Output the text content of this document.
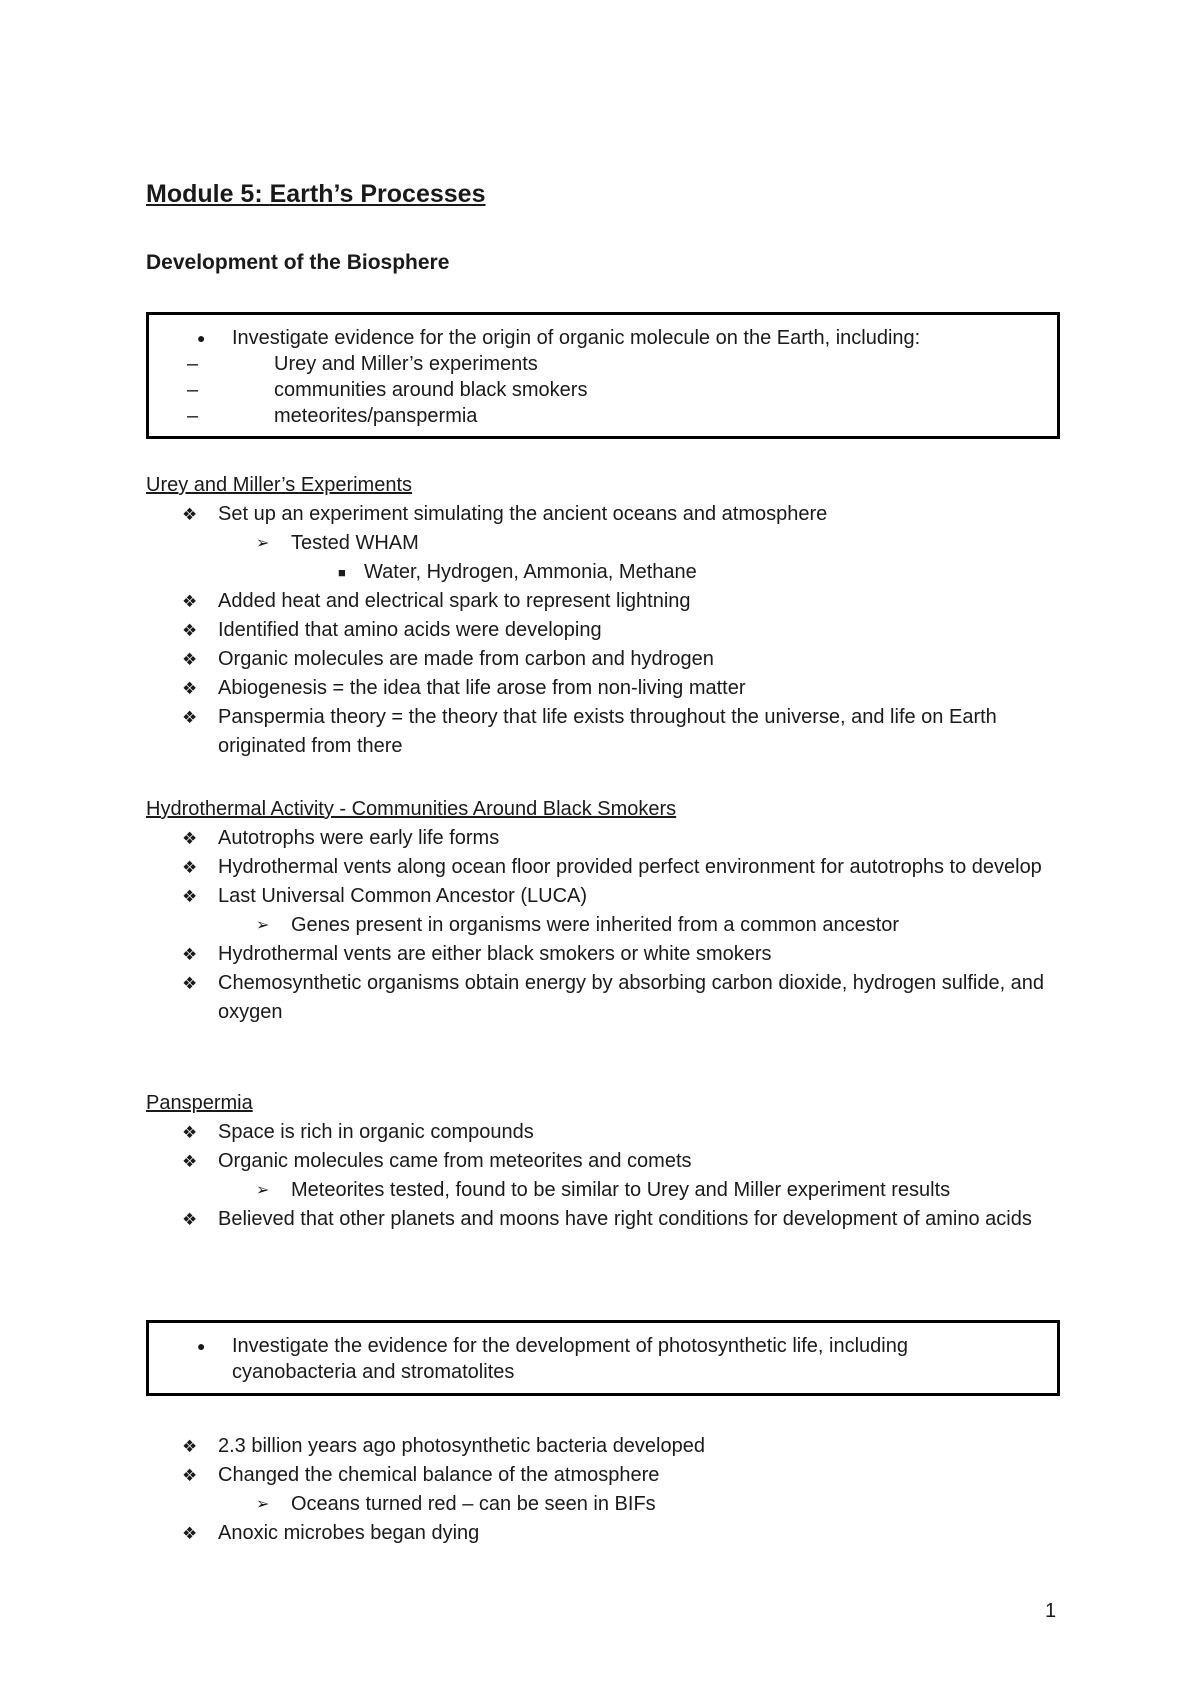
Module 5: Earth’s Processes
Development of the Biosphere
● Investigate evidence for the origin of organic molecule on the Earth, including:
–	Urey and Miller’s experiments
–	communities around black smokers
–	meteorites/panspermia

Urey and Miller’s Experiments

❖ Set up an experiment simulating the ancient oceans and atmosphere
➢ Tested WHAM
■ Water, Hydrogen, Ammonia, Methane
❖ Added heat and electrical spark to represent lightning
❖ Identified that amino acids were developing
❖ Organic molecules are made from carbon and hydrogen
❖ Abiogenesis = the idea that life arose from non-living matter
❖ Panspermia theory = the theory that life exists throughout the universe, and life on Earth originated from there

Hydrothermal Activity - Communities Around Black Smokers

❖ Autotrophs were early life forms
❖ Hydrothermal vents along ocean floor provided perfect environment for autotrophs to develop
❖ Last Universal Common Ancestor (LUCA)
➢ Genes present in organisms were inherited from a common ancestor
❖ Hydrothermal vents are either black smokers or white smokers
❖ Chemosynthetic organisms obtain energy by absorbing carbon dioxide, hydrogen sulfide, and oxygen

Panspermia

❖ Space is rich in organic compounds
❖ Organic molecules came from meteorites and comets
➢ Meteorites tested, found to be similar to Urey and Miller experiment results
❖ Believed that other planets and moons have right conditions for development of amino acids
● Investigate the evidence for the development of photosynthetic life, including cyanobacteria and stromatolites
❖ 2.3 billion years ago photosynthetic bacteria developed
❖ Changed the chemical balance of the atmosphere
➢ Oceans turned red – can be seen in BIFs
❖ Anoxic microbes began dying
1
